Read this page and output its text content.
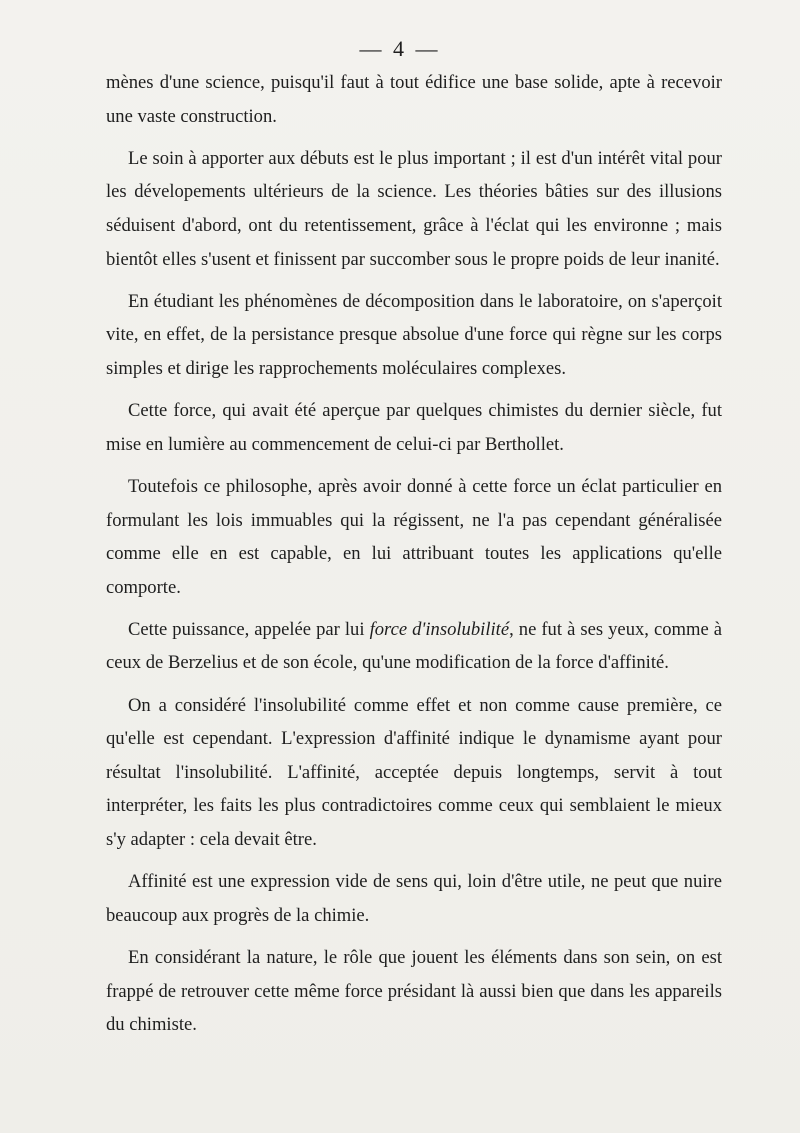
— 4 —

mènes d'une science, puisqu'il faut à tout édifice une base solide, apte à recevoir une vaste construction.

Le soin à apporter aux débuts est le plus important ; il est d'un intérêt vital pour les dévelopements ultérieurs de la science. Les théories bâties sur des illusions séduisent d'abord, ont du retentissement, grâce à l'éclat qui les environne ; mais bientôt elles s'usent et finissent par succomber sous le propre poids de leur inanité.

En étudiant les phénomènes de décomposition dans le laboratoire, on s'aperçoit vite, en effet, de la persistance presque absolue d'une force qui règne sur les corps simples et dirige les rapprochements moléculaires complexes.

Cette force, qui avait été aperçue par quelques chimistes du dernier siècle, fut mise en lumière au commencement de celui-ci par Berthollet.

Toutefois ce philosophe, après avoir donné à cette force un éclat particulier en formulant les lois immuables qui la régissent, ne l'a pas cependant généralisée comme elle en est capable, en lui attribuant toutes les applications qu'elle comporte.

Cette puissance, appelée par lui force d'insolubilité, ne fut à ses yeux, comme à ceux de Berzelius et de son école, qu'une modification de la force d'affinité.

On a considéré l'insolubilité comme effet et non comme cause première, ce qu'elle est cependant. L'expression d'affinité indique le dynamisme ayant pour résultat l'insolubilité. L'affinité, acceptée depuis longtemps, servit à tout interpréter, les faits les plus contradictoires comme ceux qui semblaient le mieux s'y adapter : cela devait être.

Affinité est une expression vide de sens qui, loin d'être utile, ne peut que nuire beaucoup aux progrès de la chimie.

En considérant la nature, le rôle que jouent les éléments dans son sein, on est frappé de retrouver cette même force présidant là aussi bien que dans les appareils du chimiste.
